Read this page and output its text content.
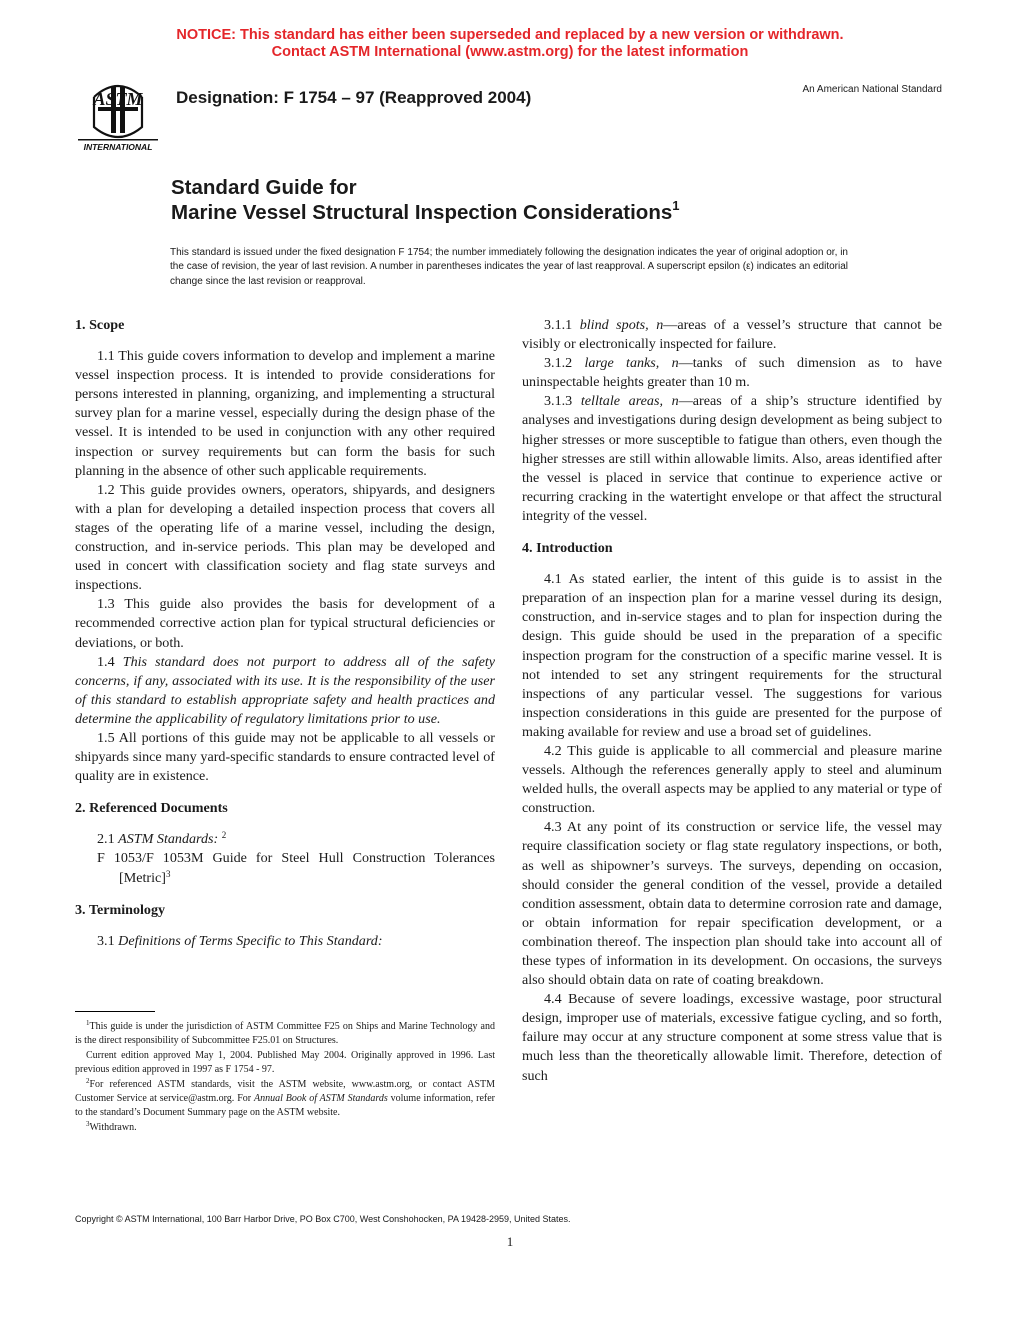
NOTICE: This standard has either been superseded and replaced by a new version or withdrawn.
Contact ASTM International (www.astm.org) for the latest information
ASTM
INTERNATIONAL
Designation: F 1754 – 97 (Reapproved 2004)	An American National Standard
Standard Guide for
Marine Vessel Structural Inspection Considerations$^1$
This standard is issued under the fixed designation F 1754; the number immediately following the designation indicates the year of original adoption or, in the case of revision, the year of last revision. A number in parentheses indicates the year of last reapproval. A superscript epsilon (ε) indicates an editorial change since the last revision or reapproval.
1. Scope

1.1 This guide covers information to develop and implement a marine vessel inspection process. It is intended to provide considerations for persons interested in planning, organizing, and implementing a structural survey plan for a marine vessel, especially during the design phase of the vessel. It is intended to be used in conjunction with any other required inspection or survey requirements but can form the basis for such planning in the absence of other such applicable requirements.

1.2 This guide provides owners, operators, shipyards, and designers with a plan for developing a detailed inspection process that covers all stages of the operating life of a marine vessel, including the design, construction, and in-service periods. This plan may be developed and used in concert with classification society and flag state surveys and inspections.

1.3 This guide also provides the basis for development of a recommended corrective action plan for typical structural deficiencies or deviations, or both.

1.4 This standard does not purport to address all of the safety concerns, if any, associated with its use. It is the responsibility of the user of this standard to establish appropriate safety and health practices and determine the applicability of regulatory limitations prior to use.

1.5 All portions of this guide may not be applicable to all vessels or shipyards since many yard-specific standards to ensure contracted level of quality are in existence.

2. Referenced Documents

2.1 ASTM Standards: $^2$

F 1053/F 1053M Guide for Steel Hull Construction Tolerances [Metric]$^3$

3. Terminology

3.1 Definitions of Terms Specific to This Standard:

3.1.1 blind spots, n—areas of a vessel’s structure that cannot be visibly or electronically inspected for failure.

3.1.2 large tanks, n—tanks of such dimension as to have uninspectable heights greater than 10 m.

3.1.3 telltale areas, n—areas of a ship’s structure identified by analyses and investigations during design development as being subject to higher stresses or more susceptible to fatigue than others, even though the higher stresses are still within allowable limits. Also, areas identified after the vessel is placed in service that continue to experience active or recurring cracking in the watertight envelope or that affect the structural integrity of the vessel.

4. Introduction

4.1 As stated earlier, the intent of this guide is to assist in the preparation of an inspection plan for a marine vessel during its design, construction, and in-service stages and to plan for inspection during the design. This guide should be used in the preparation of a specific inspection program for the construction of a specific marine vessel. It is not intended to set any stringent requirements for the structural inspections of any particular vessel. The suggestions for various inspection considerations in this guide are presented for the purpose of making available for review and use a broad set of guidelines.

4.2 This guide is applicable to all commercial and pleasure marine vessels. Although the references generally apply to steel and aluminum welded hulls, the overall aspects may be applied to any material or type of construction.

4.3 At any point of its construction or service life, the vessel may require classification society or flag state regulatory inspections, or both, as well as shipowner’s surveys. The surveys, depending on occasion, should consider the general condition of the vessel, provide a detailed condition assessment, obtain data to determine corrosion rate and damage, or obtain information for repair specification development, or a combination thereof. The inspection plan should take into account all of these types of information in its development. On occasions, the surveys also should obtain data on rate of coating breakdown.

4.4 Because of severe loadings, excessive wastage, poor structural design, improper use of materials, excessive fatigue cycling, and so forth, failure may occur at any structure component at some stress value that is much less than the theoretically allowable limit. Therefore, detection of such

$^1$This guide is under the jurisdiction of ASTM Committee F25 on Ships and Marine Technology and is the direct responsibility of Subcommittee F25.01 on Structures.

Current edition approved May 1, 2004. Published May 2004. Originally approved in 1996. Last previous edition approved in 1997 as F 1754 - 97.

$^2$For referenced ASTM standards, visit the ASTM website, www.astm.org, or contact ASTM Customer Service at service@astm.org. For Annual Book of ASTM Standards volume information, refer to the standard’s Document Summary page on the ASTM website.

$^3$Withdrawn.

Copyright © ASTM International, 100 Barr Harbor Drive, PO Box C700, West Conshohocken, PA 19428-2959, United States.
1
